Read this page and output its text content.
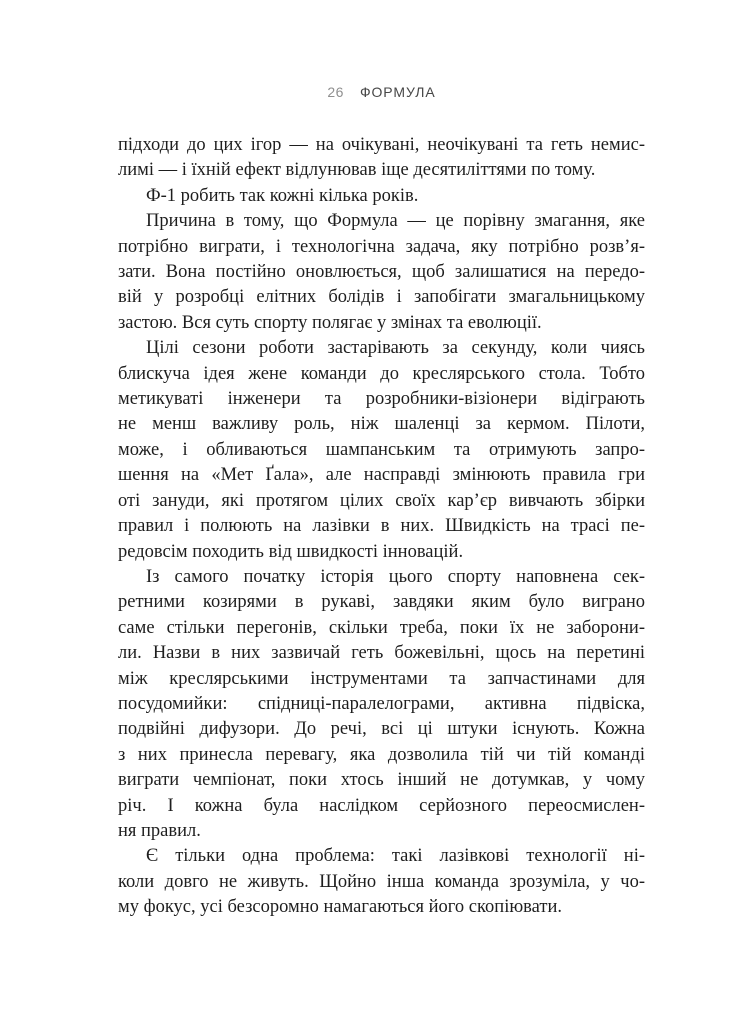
26 ФОРМУЛА

підходи до цих ігор — на очікувані, неочікувані та геть немис-
лимі — і їхній ефект відлунював іще десятиліттями по тому.

Ф-1 робить так кожні кілька років.

Причина в тому, що Формула — це порівну змагання, яке
потрібно виграти, і технологічна задача, яку потрібно розв’я-
зати. Вона постійно оновлюється, щоб залишатися на передо-
вій у розробці елітних болідів і запобігати змагальницькому
застою. Вся суть спорту полягає у змінах та еволюції.

Цілі сезони роботи застарівають за секунду, коли чиясь
блискуча ідея жене команди до креслярського стола. Тобто
метикуваті інженери та розробники-візіонери відіграють
не менш важливу роль, ніж шаленці за кермом. Пілоти,
може, і обливаються шампанським та отримують запро-
шення на «Мет Ґала», але насправді змінюють правила гри
оті зануди, які протягом цілих своїх кар’єр вивчають збірки
правил і полюють на лазівки в них. Швидкість на трасі пе-
редовсім походить від швидкості інновацій.

Із самого початку історія цього спорту наповнена сек-
ретними козирями в рукаві, завдяки яким було виграно
саме стільки перегонів, скільки треба, поки їх не заборони-
ли. Назви в них зазвичай геть божевільні, щось на перетині
між креслярськими інструментами та запчастинами для
посудомийки: спідниці-паралелограми, активна підвіска,
подвійні дифузори. До речі, всі ці штуки існують. Кожна
з них принесла перевагу, яка дозволила тій чи тій команді
виграти чемпіонат, поки хтось інший не дотумкав, у чому
річ. І кожна була наслідком серйозного переосмислен-
ня правил.

Є тільки одна проблема: такі лазівкові технології ні-
коли довго не живуть. Щойно інша команда зрозуміла, у чо-
му фокус, усі безсоромно намагаються його скопіювати.
